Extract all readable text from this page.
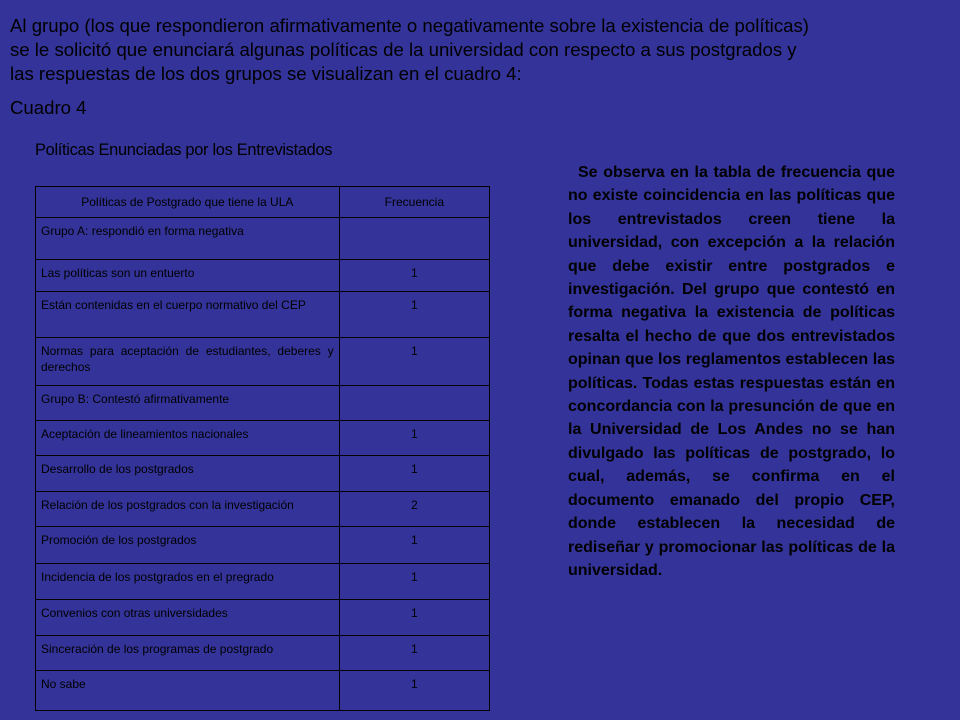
Al grupo (los que respondieron afirmativamente o negativamente sobre la existencia de políticas)
se le solicitó que enunciará algunas políticas de la universidad con respecto a sus postgrados y
las respuestas de los dos grupos se visualizan en el cuadro 4:
Cuadro 4
Políticas Enunciadas por los Entrevistados
Políticas de Postgrado que tiene la ULA	Frecuencia

Grupo A: respondió en forma negativa	

Las políticas son un entuerto	1

Están contenidas en el cuerpo normativo del CEP	1

Normas para aceptación de estudiantes, deberes y derechos	1

Grupo B: Contestó afirmativamente	

Aceptación de lineamientos nacionales	1

Desarrollo de los postgrados	1

Relación de los postgrados con la investigación	2

Promoción de los postgrados	1

Incidencia de los postgrados en el pregrado	1

Convenios con otras universidades	1

Sinceración de los programas de postgrado	1

No sabe	1
Se observa en la tabla de frecuencia que no existe coincidencia en las políticas que los entrevistados creen tiene la universidad, con excepción a la relación que debe existir entre postgrados e investigación. Del grupo que contestó en forma negativa la existencia de políticas resalta el hecho de que dos entrevistados opinan que los reglamentos establecen las políticas. Todas estas respuestas están en concordancia con la presunción de que en la Universidad de Los Andes no se han divulgado las políticas de postgrado, lo cual, además, se confirma en el documento emanado del propio CEP, donde establecen la necesidad de rediseñar y promocionar las políticas de la universidad.
